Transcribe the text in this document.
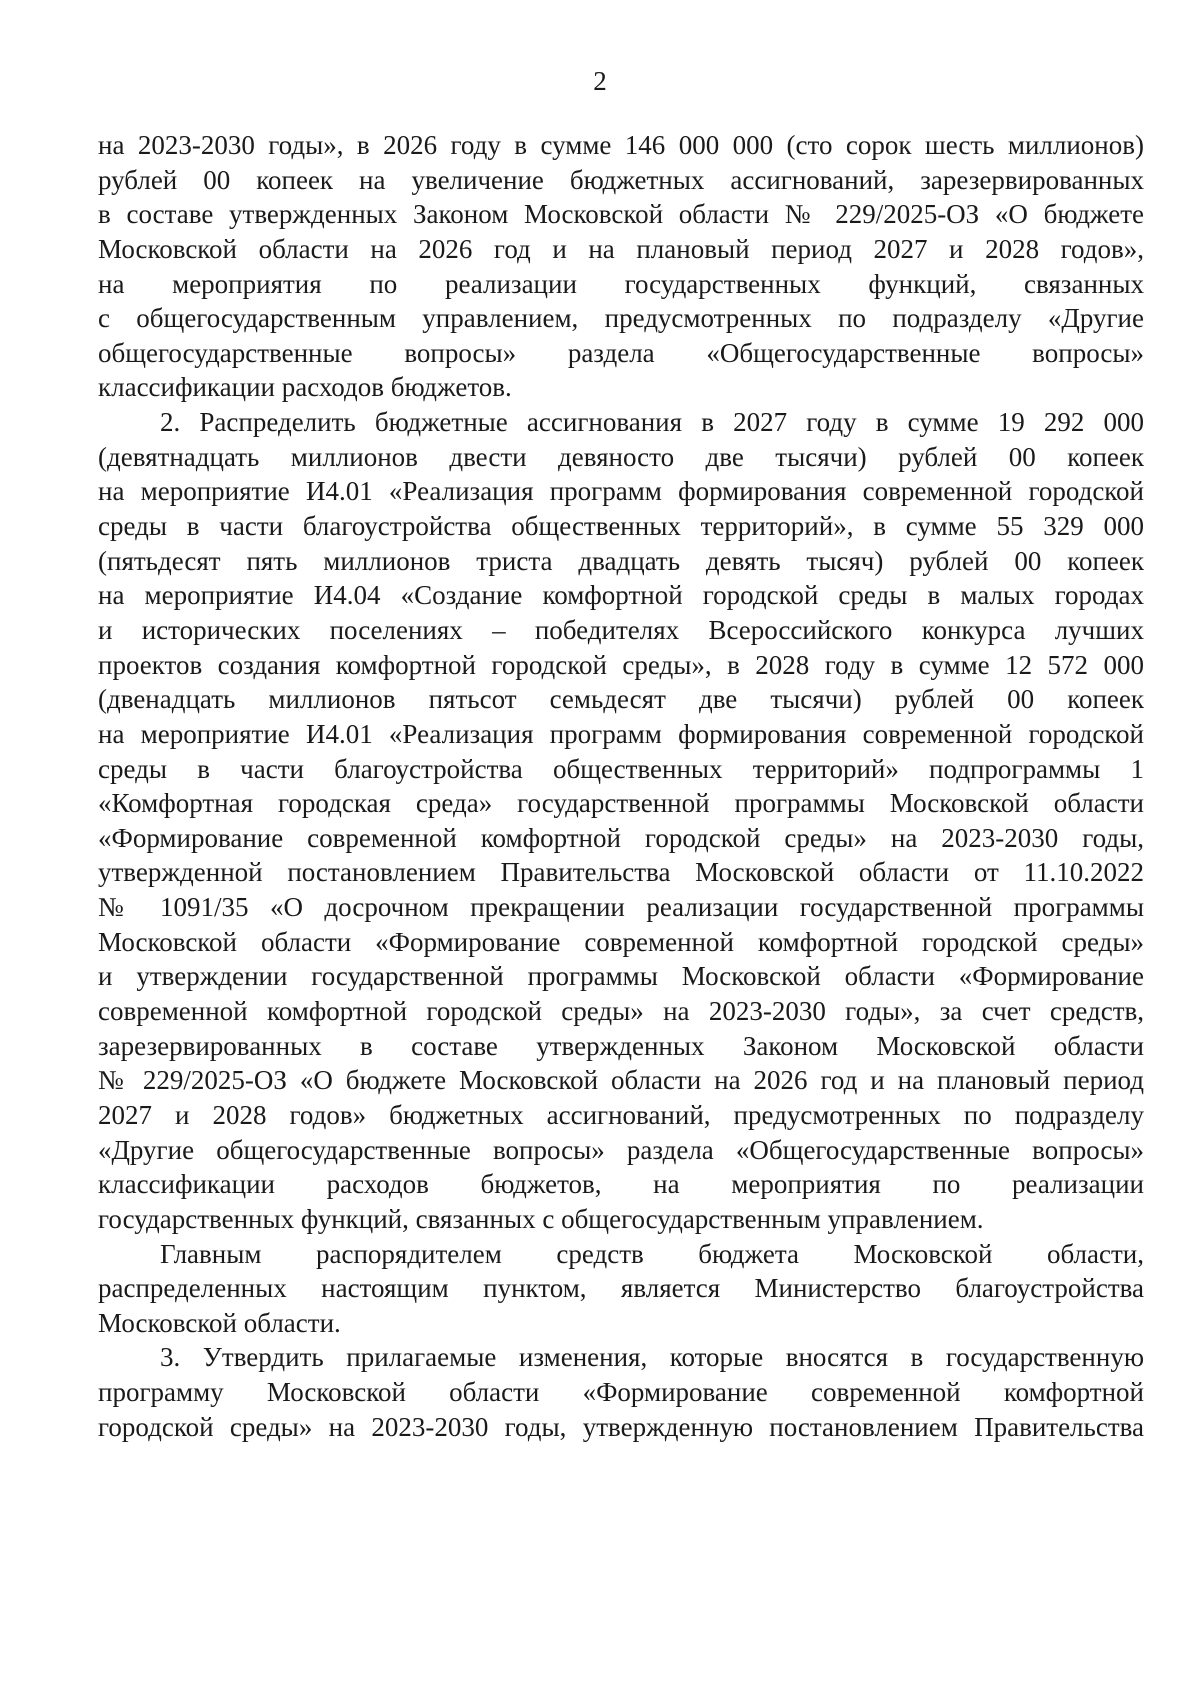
2
на 2023-2030 годы», в 2026 году в сумме 146 000 000 (сто сорок шесть миллионов)
рублей 00 копеек на увеличение бюджетных ассигнований, зарезервированных
в составе утвержденных Законом Московской области № 229/2025-ОЗ «О бюджете
Московской области на 2026 год и на плановый период 2027 и 2028 годов»,
на мероприятия по реализации государственных функций, связанных
с общегосударственным управлением, предусмотренных по подразделу «Другие
общегосударственные вопросы» раздела «Общегосударственные вопросы»
классификации расходов бюджетов.
2. Распределить бюджетные ассигнования в 2027 году в сумме 19 292 000
(девятнадцать миллионов двести девяносто две тысячи) рублей 00 копеек
на мероприятие И4.01 «Реализация программ формирования современной городской
среды в части благоустройства общественных территорий», в сумме 55 329 000
(пятьдесят пять миллионов триста двадцать девять тысяч) рублей 00 копеек
на мероприятие И4.04 «Создание комфортной городской среды в малых городах
и исторических поселениях – победителях Всероссийского конкурса лучших
проектов создания комфортной городской среды», в 2028 году в сумме 12 572 000
(двенадцать миллионов пятьсот семьдесят две тысячи) рублей 00 копеек
на мероприятие И4.01 «Реализация программ формирования современной городской
среды в части благоустройства общественных территорий» подпрограммы 1
«Комфортная городская среда» государственной программы Московской области
«Формирование современной комфортной городской среды» на 2023-2030 годы,
утвержденной постановлением Правительства Московской области от 11.10.2022
№ 1091/35 «О досрочном прекращении реализации государственной программы
Московской области «Формирование современной комфортной городской среды»
и утверждении государственной программы Московской области «Формирование
современной комфортной городской среды» на 2023-2030 годы», за счет средств,
зарезервированных в составе утвержденных Законом Московской области
№ 229/2025-ОЗ «О бюджете Московской области на 2026 год и на плановый период
2027 и 2028 годов» бюджетных ассигнований, предусмотренных по подразделу
«Другие общегосударственные вопросы» раздела «Общегосударственные вопросы»
классификации расходов бюджетов, на мероприятия по реализации
государственных функций, связанных с общегосударственным управлением.
Главным распорядителем средств бюджета Московской области,
распределенных настоящим пунктом, является Министерство благоустройства
Московской области.
3. Утвердить прилагаемые изменения, которые вносятся в государственную
программу Московской области «Формирование современной комфортной
городской среды» на 2023-2030 годы, утвержденную постановлением Правительства
